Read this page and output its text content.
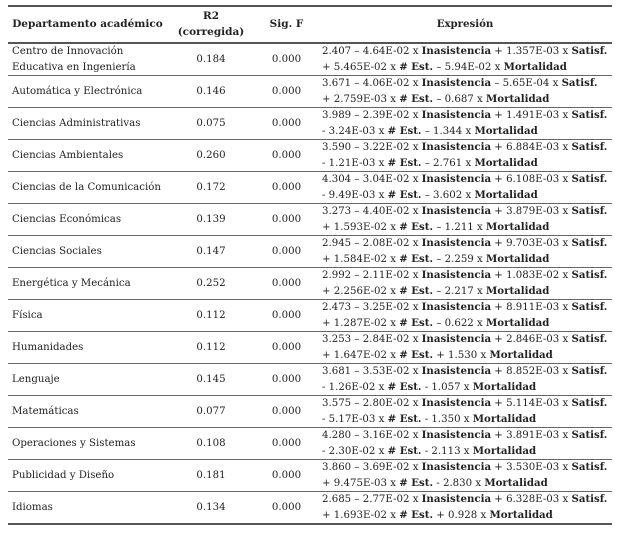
Departamento académico	R2 (corregida)	Sig. F	Expresión
Centro de Innovación Educativa en Ingeniería	0.184	0.000	2.407 – 4.64E-02 x Inasistencia + 1.357E-03 x Satisf. + 5.465E-02 x # Est. – 5.94E-02 x Mortalidad
Automática y Electrónica	0.146	0.000	3.671 – 4.06E-02 x Inasistencia – 5.65E-04 x Satisf. + 2.759E-03 x # Est. – 0.687 x Mortalidad
Ciencias Administrativas	0.075	0.000	3.989 – 2.39E-02 x Inasistencia + 1.491E-03 x Satisf. - 3.24E-03 x # Est. – 1.344 x Mortalidad
Ciencias Ambientales	0.260	0.000	3.590 – 3.22E-02 x Inasistencia + 6.884E-03 x Satisf. - 1.21E-03 x # Est. – 2.761 x Mortalidad
Ciencias de la Comunicación	0.172	0.000	4.304 – 3.04E-02 x Inasistencia + 6.108E-03 x Satisf. - 9.49E-03 x # Est. – 3.602 x Mortalidad
Ciencias Económicas	0.139	0.000	3.273 – 4.40E-02 x Inasistencia + 3.879E-03 x Satisf. + 1.593E-02 x # Est. – 1.211 x Mortalidad
Ciencias Sociales	0.147	0.000	2.945 – 2.08E-02 x Inasistencia + 9.703E-03 x Satisf. + 1.584E-02 x # Est. – 2.259 x Mortalidad
Energética y Mecánica	0.252	0.000	2.992 – 2.11E-02 x Inasistencia + 1.083E-02 x Satisf. + 2.256E-02 x # Est. – 2.217 x Mortalidad
Física	0.112	0.000	2.473 – 3.25E-02 x Inasistencia + 8.911E-03 x Satisf. + 1.287E-02 x # Est. – 0.622 x Mortalidad
Humanidades	0.112	0.000	3.253 – 2.84E-02 x Inasistencia + 2.846E-03 x Satisf. + 1.647E-02 x # Est. + 1.530 x Mortalidad
Lenguaje	0.145	0.000	3.681 – 3.53E-02 x Inasistencia + 8.852E-03 x Satisf. - 1.26E-02 x # Est. - 1.057 x Mortalidad
Matemáticas	0.077	0.000	3.575 – 2.80E-02 x Inasistencia + 5.114E-03 x Satisf. - 5.17E-03 x # Est. - 1.350 x Mortalidad
Operaciones y Sistemas	0.108	0.000	4.280 – 3.16E-02 x Inasistencia + 3.891E-03 x Satisf. - 2.30E-02 x # Est. - 2.113 x Mortalidad
Publicidad y Diseño	0.181	0.000	3.860 – 3.69E-02 x Inasistencia + 3.530E-03 x Satisf. + 9.475E-03 x # Est. - 2.830 x Mortalidad
Idiomas	0.134	0.000	2.685 – 2.77E-02 x Inasistencia + 6.328E-03 x Satisf. + 1.693E-02 x # Est. + 0.928 x Mortalidad
